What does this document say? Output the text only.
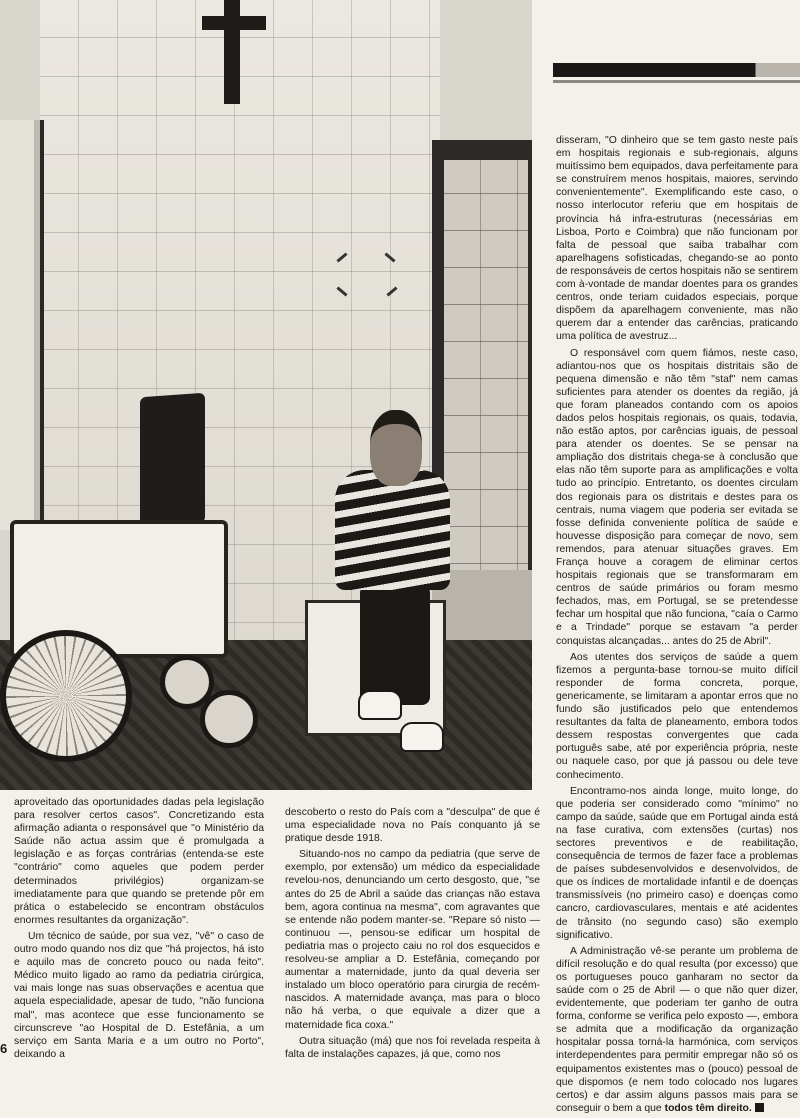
disseram, "O dinheiro que se tem gasto neste país em hospitais regionais e sub-regionais, alguns muitíssimo bem equipados, dava perfeitamente para se construírem menos hospitais, maiores, servindo convenientemente". Exemplificando este caso, o nosso interlocutor referiu que em hospitais de província há infra-estruturas (necessárias em Lisboa, Porto e Coimbra) que não funcionam por falta de pessoal que saiba trabalhar com aparelhagens sofisticadas, chegando-se ao ponto de responsáveis de certos hospitais não se sentirem com à-vontade de mandar doentes para os grandes centros, onde teriam cuidados especiais, porque dispõem da aparelhagem conveniente, mas não querem dar a entender das carências, praticando uma política de avestruz...

O responsável com quem fiámos, neste caso, adiantou-nos que os hospitais distritais são de pequena dimensão e não têm "staf" nem camas suficientes para atender os doentes da região, já que foram planeados contando com os apoios dados pelos hospitais regionais, os quais, todavia, não estão aptos, por carências iguais, de pessoal para atender os doentes. Se se pensar na ampliação dos distritais chega-se à conclusão que elas não têm suporte para as amplificações e volta tudo ao princípio. Entretanto, os doentes circulam dos regionais para os distritais e destes para os centrais, numa viagem que poderia ser evitada se fosse definida conveniente política de saúde e houvesse disposição para começar de novo, sem remendos, para atenuar situações graves. Em França houve a coragem de eliminar certos hospitais regionais que se transformaram em centros de saúde primários ou foram mesmo fechados, mas, em Portugal, se se pretendesse fechar um hospital que não funciona, "caía o Carmo e a Trindade" porque se estavam "a perder conquistas alcançadas... antes do 25 de Abril".

Aos utentes dos serviços de saúde a quem fizemos a pergunta-base tornou-se muito difícil responder de forma concreta, porque, genericamente, se limitaram a apontar erros que no fundo são justificados pelo que entendemos resultantes da falta de planeamento, embora todos dessem respostas convergentes que cada português sabe, até por experiência própria, neste ou naquele caso, por que já passou ou dele teve conhecimento.

Encontramo-nos ainda longe, muito longe, do que poderia ser considerado como "mínimo" no campo da saúde, saúde que em Portugal ainda está na fase curativa, com extensões (curtas) nos sectores preventivos e de reabilitação, consequência de termos de fazer face a problemas de países subdesenvolvidos e desenvolvidos, de que os índices de mortalidade infantil e de doenças transmissíveis (no primeiro caso) e doenças como cancro, cardiovasculares, mentais e até acidentes de trânsito (no segundo caso) são exemplo significativo.

A Administração vê-se perante um problema de difícil resolução e do qual resulta (por excesso) que os portugueses pouco ganharam no sector da saúde com o 25 de Abril — o que não quer dizer, evidentemente, que poderiam ter ganho de outra forma, conforme se verifica pelo exposto —, embora se admita que a modificação da organização hospitalar possa torná-la harmónica, com serviços interdependentes para permitir empregar não só os equipamentos existentes mas o (pouco) pessoal de que dispomos (e nem todo colocado nos lugares certos) e dar assim alguns passos mais para se conseguir o bem a que todos têm direito.

aproveitado das oportunidades dadas pela legislação para resolver certos casos". Concretizando esta afirmação adianta o responsável que "o Ministério da Saúde não actua assim que é promulgada a legislação e as forças contrárias (entenda-se este "contrário" como aqueles que podem perder determinados privilégios) organizam-se imediatamente para que quando se pretende pôr em prática o estabelecido se encontram obstáculos enormes resultantes da organização".

Um técnico de saúde, por sua vez, "vê" o caso de outro modo quando nos diz que "há projectos, há isto e aquilo mas de concreto pouco ou nada feito". Médico muito ligado ao ramo da pediatria cirúrgica, vai mais longe nas suas observações e acentua que aquela especialidade, apesar de tudo, "não funciona mal", mas acontece que esse funcionamento se circunscreve "ao Hospital de D. Estefânia, a um serviço em Santa Maria e a um outro no Porto", deixando a

descoberto o resto do País com a "desculpa" de que é uma especialidade nova no País conquanto já se pratique desde 1918.

Situando-nos no campo da pediatria (que serve de exemplo, por extensão) um médico da especialidade revelou-nos, denunciando um certo desgosto, que, "se antes do 25 de Abril a saúde das crianças não estava bem, agora continua na mesma", com agravantes que se entende não podem manter-se. "Repare só nisto — continuou —, pensou-se edificar um hospital de pediatria mas o projecto caiu no rol dos esquecidos e resolveu-se ampliar a D. Estefânia, começando por aumentar a maternidade, junto da qual deveria ser instalado um bloco operatório para cirurgia de recém-nascidos. A maternidade avança, mas para o bloco não há verba, o que equivale a dizer que a maternidade fica coxa."

Outra situação (má) que nos foi revelada respeita à falta de instalações capazes, já que, como nos

6
